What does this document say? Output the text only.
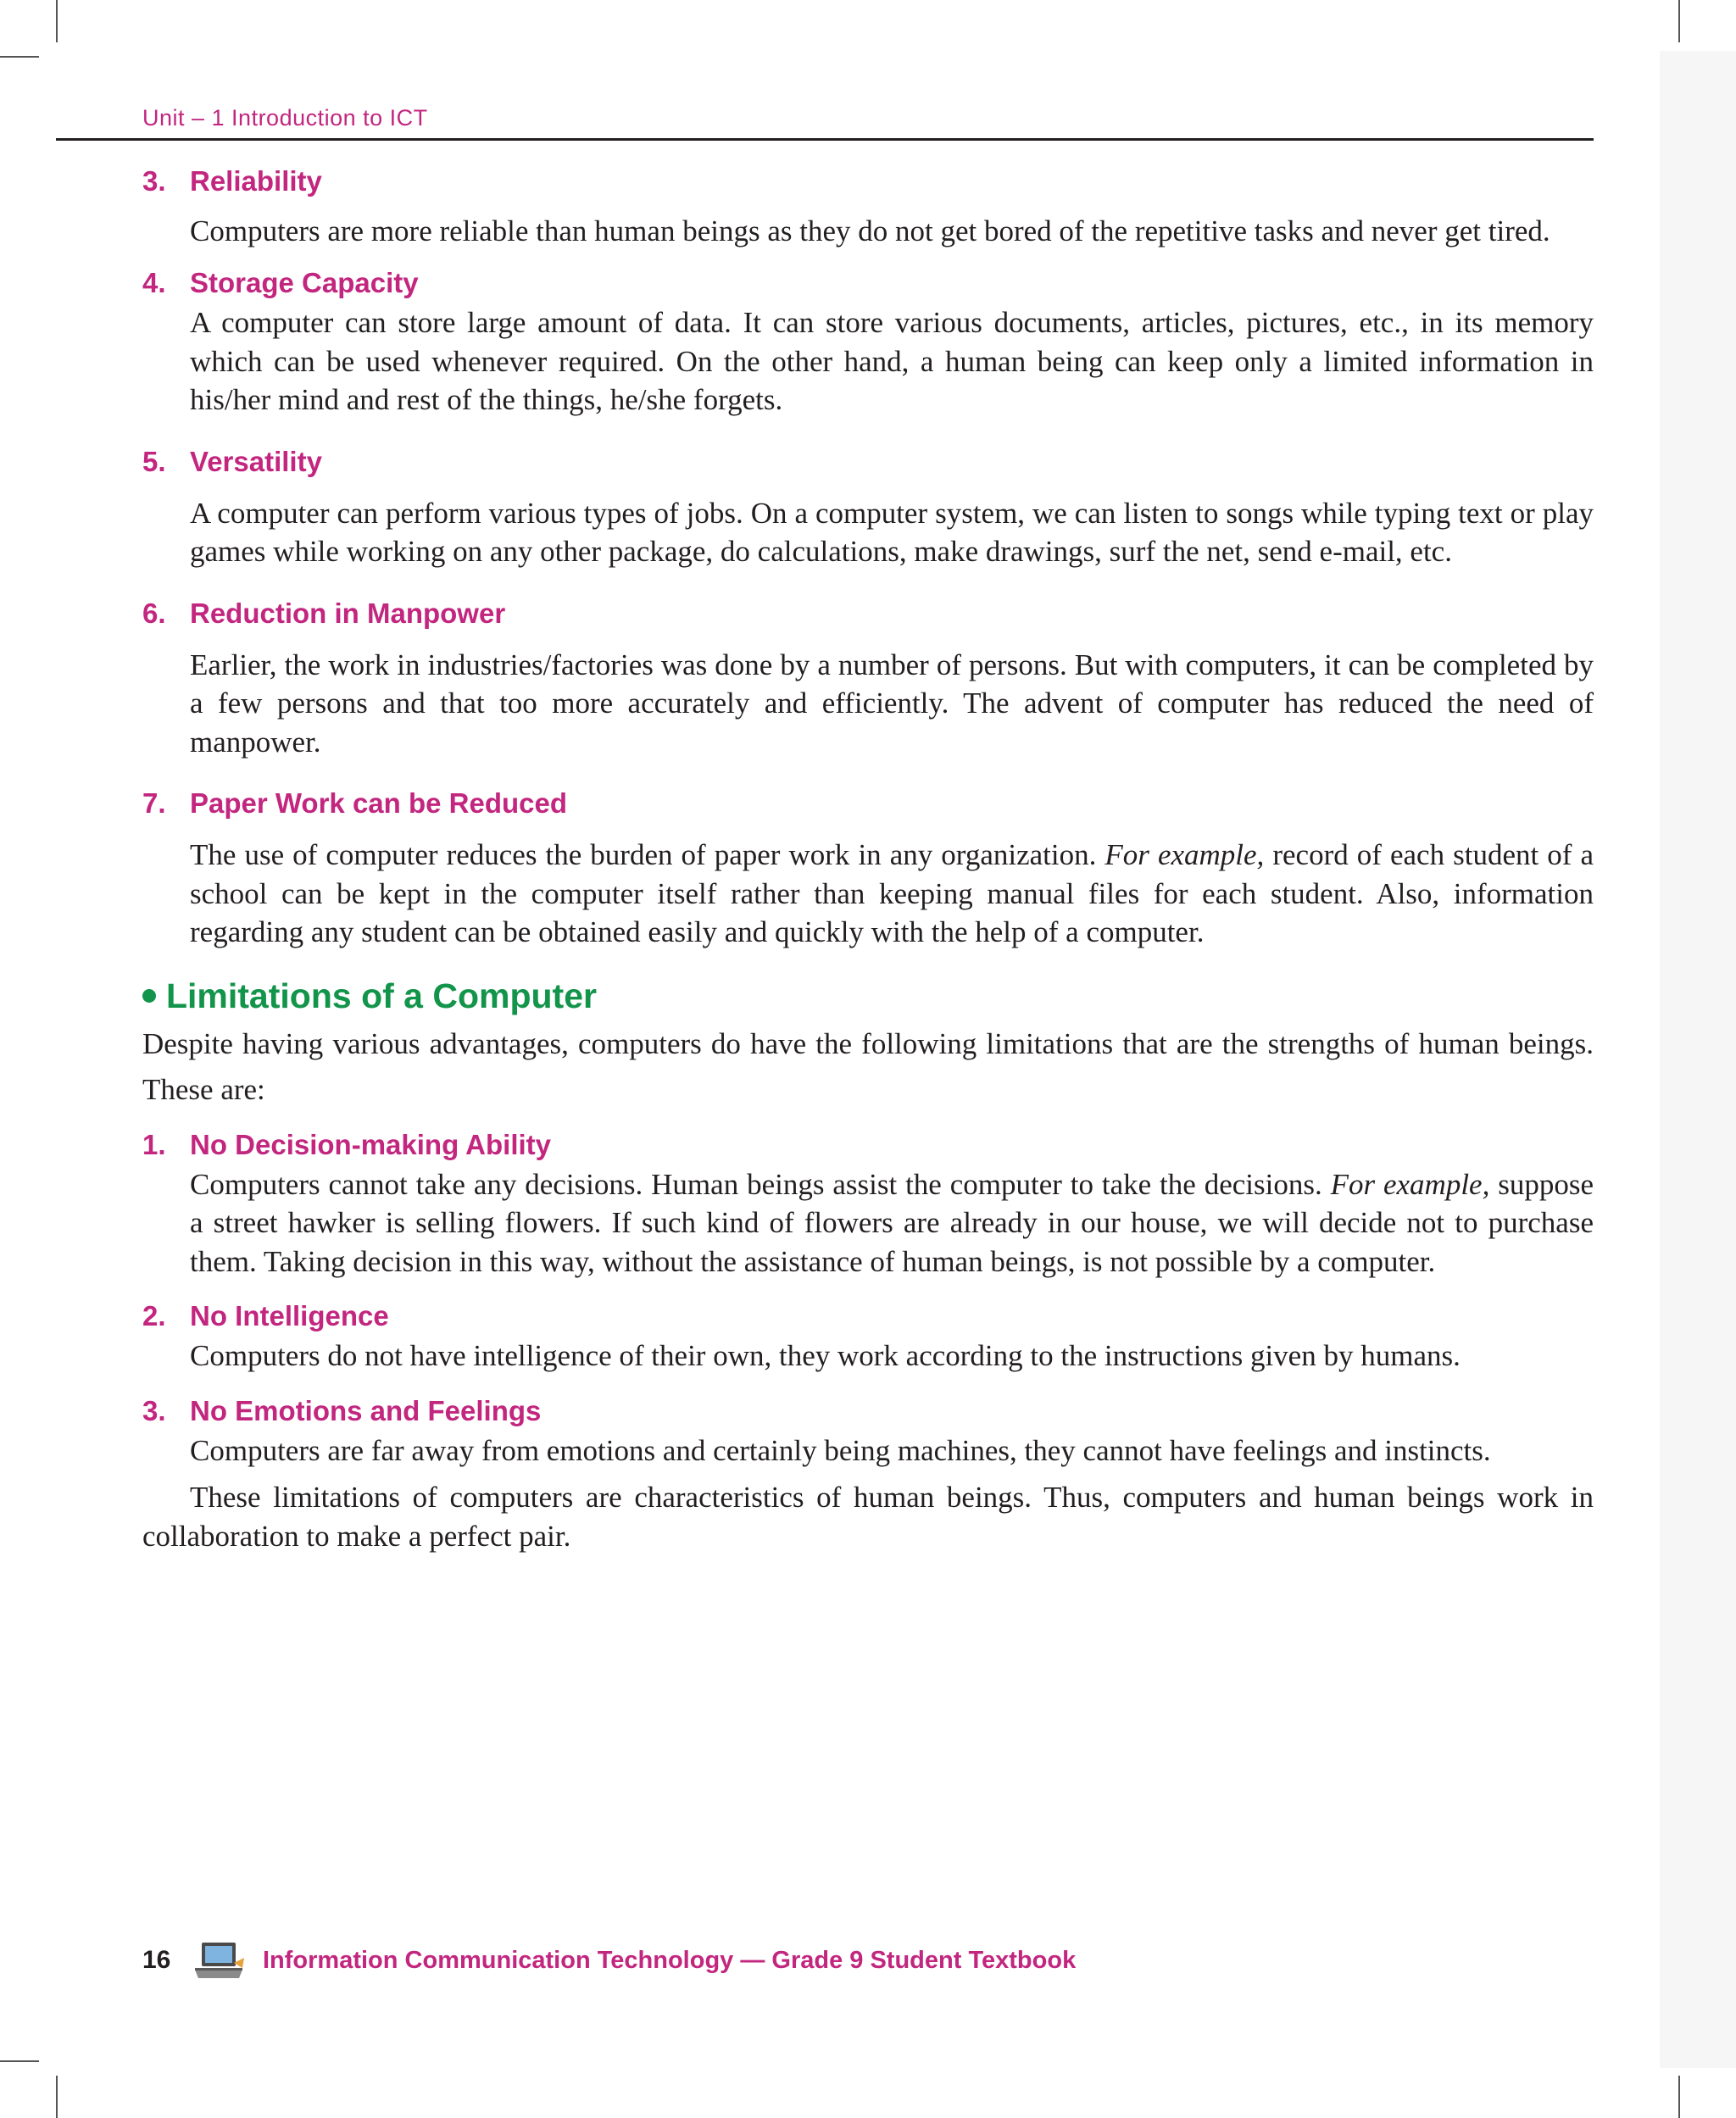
Unit – 1 Introduction to ICT
3. Reliability

Computers are more reliable than human beings as they do not get bored of the repetitive tasks and never get tired.

4. Storage Capacity

A computer can store large amount of data. It can store various documents, articles, pictures, etc., in its memory which can be used whenever required. On the other hand, a human being can keep only a limited information in his/her mind and rest of the things, he/she forgets.

5. Versatility

A computer can perform various types of jobs. On a computer system, we can listen to songs while typing text or play games while working on any other package, do calculations, make drawings, surf the net, send e-mail, etc.

6. Reduction in Manpower

Earlier, the work in industries/factories was done by a number of persons. But with computers, it can be completed by a few persons and that too more accurately and efficiently. The advent of computer has reduced the need of manpower.

7. Paper Work can be Reduced

The use of computer reduces the burden of paper work in any organization. For example, record of each student of a school can be kept in the computer itself rather than keeping manual files for each student. Also, information regarding any student can be obtained easily and quickly with the help of a computer.

Limitations of a Computer

Despite having various advantages, computers do have the following limitations that are the strengths of human beings. These are:

1. No Decision-making Ability

Computers cannot take any decisions. Human beings assist the computer to take the decisions. For example, suppose a street hawker is selling flowers. If such kind of flowers are already in our house, we will decide not to purchase them. Taking decision in this way, without the assistance of human beings, is not possible by a computer.

2. No Intelligence

Computers do not have intelligence of their own, they work according to the instructions given by humans.

3. No Emotions and Feelings

Computers are far away from emotions and certainly being machines, they cannot have feelings and instincts.

These limitations of computers are characteristics of human beings. Thus, computers and human beings work in collaboration to make a perfect pair.

16	Information Communication Technology — Grade 9 Student Textbook
